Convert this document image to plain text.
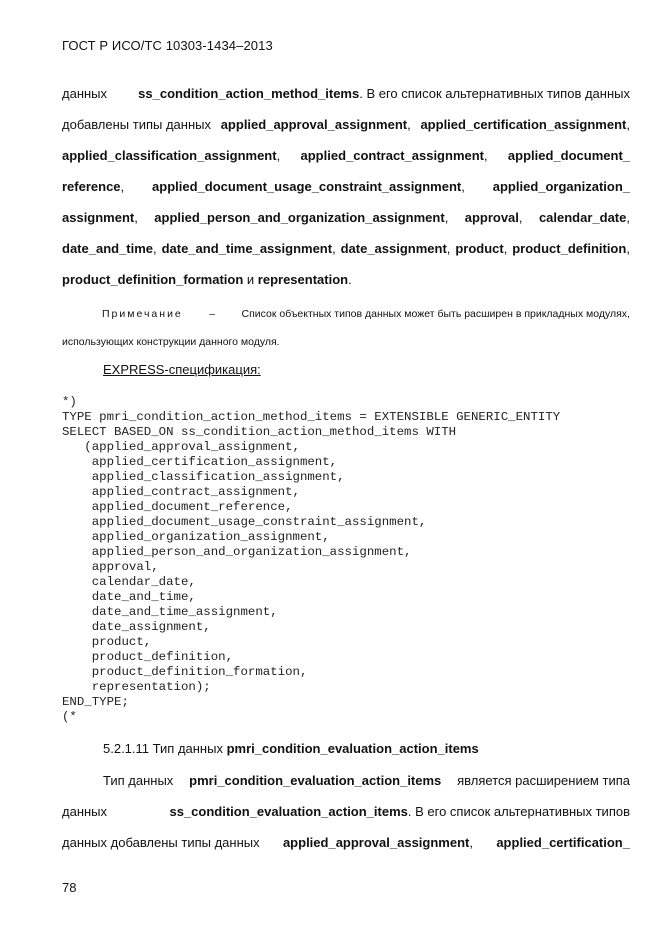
ГОСТ Р ИСО/ТС 10303-1434–2013
данных ss_condition_action_method_items. В его список альтернативных типов данных
добавлены типы данных applied_approval_assignment, applied_certification_assignment,
applied_classification_assignment, applied_contract_assignment, applied_document_
reference, applied_document_usage_constraint_assignment, applied_organization_
assignment, applied_person_and_organization_assignment, approval, calendar_date,
date_and_time, date_and_time_assignment, date_assignment, product, product_definition,
product_definition_formation и representation .
Примечание	–	Список объектных типов данных может быть расширен в прикладных модулях,
использующих конструкции данного модуля.
EXPRESS-спецификация:
*)
TYPE pmri_condition_action_method_items = EXTENSIBLE GENERIC_ENTITY
SELECT BASED_ON ss_condition_action_method_items WITH
(applied_approval_assignment,
applied_certification_assignment,
applied_classification_assignment,
applied_contract_assignment,
applied_document_reference,
applied_document_usage_constraint_assignment,
applied_organization_assignment,
applied_person_and_organization_assignment,
approval,
calendar_date,
date_and_time,
date_and_time_assignment,
date_assignment,
product,
product_definition,
product_definition_formation,
representation);
END_TYPE;
(*
5.2.1.11 Тип данных pmri_condition_evaluation_action_items
Тип данных pmri_condition_evaluation_action_items является расширением типа
данных	ss_condition_evaluation_action_items. В его список альтернативных типов
данных добавлены типы данных applied_approval_assignment, applied_certification_
78
